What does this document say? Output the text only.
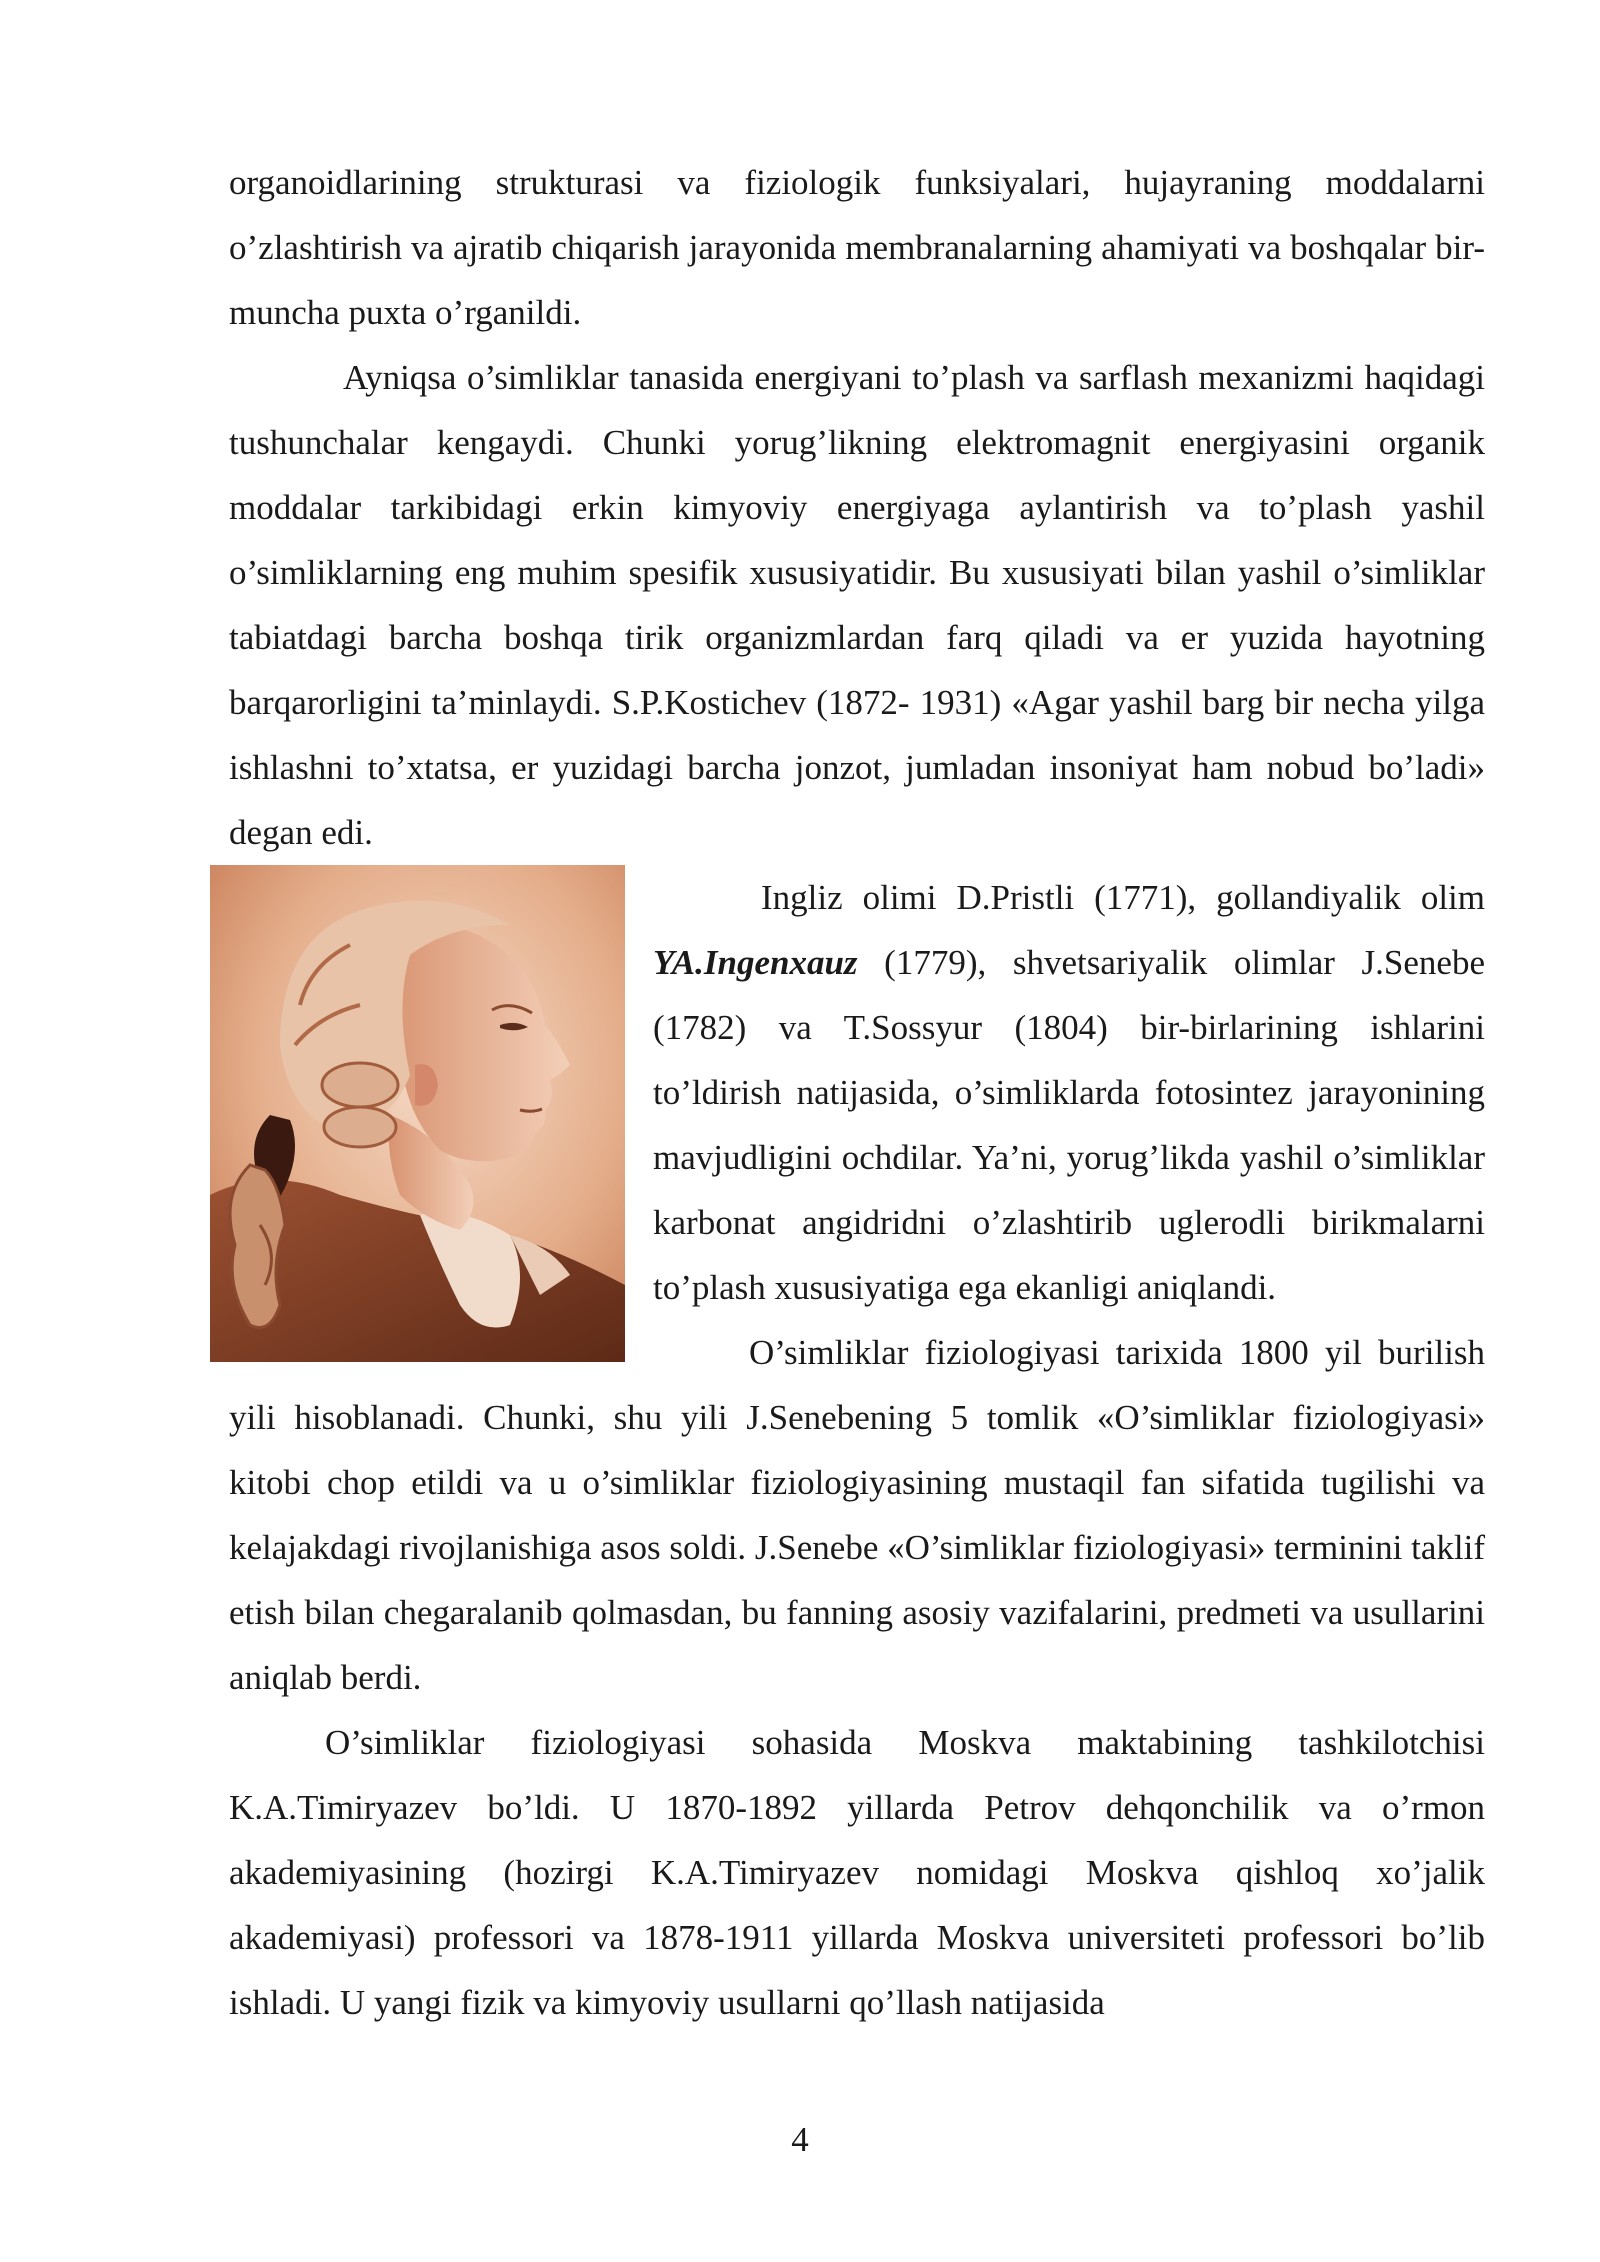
organoidlarining strukturasi va fiziologik funksiyalari, hujayraning moddalarni o’zlashtirish va ajratib chiqarish jarayonida membranalarning ahamiyati va boshqalar bir- muncha puxta o’rganildi.

Ayniqsa o’simliklar tanasida energiyani to’plash va sarflash mexanizmi haqidagi tushunchalar kengaydi. Chunki yorug’likning elektromagnit energiyasini organik moddalar tarkibidagi erkin kimyoviy energiyaga aylantirish va to’plash yashil o’simliklarning eng muhim spesifik xususiyatidir. Bu xususiyati bilan yashil o’simliklar tabiatdagi barcha boshqa tirik organizmlardan farq qiladi va er yuzida hayotning barqarorligini ta’minlaydi. S.P.Kostichev (1872- 1931) «Agar yashil barg bir necha yilga ishlashni to’xtatsa, er yuzidagi barcha jonzot, jumladan insoniyat ham nobud bo’ladi» degan edi.

Ingliz olimi D.Pristli (1771), gollandiyalik olim YA.Ingenxauz (1779), shvetsariyalik olimlar J.Senebe (1782) va T.Sossyur (1804) bir-birlarining ishlarini to’ldirish natijasida, o’simliklarda fotosintez jarayonining mavjudligini ochdilar. Ya’ni, yorug’likda yashil o’simliklar karbonat angidridni o’zlashtirib uglerodli birikmalarni to’plash xususiyatiga ega ekanligi aniqlandi.

O’simliklar fiziologiyasi tarixida 1800 yil burilish yili hisoblanadi. Chunki, shu yili J.Senebening 5 tomlik «O’simliklar fiziologiyasi» kitobi chop etildi va u o’simliklar fiziologiyasining mustaqil fan sifatida tugilishi va kelajakdagi rivojlanishiga asos soldi. J.Senebe «O’simliklar fiziologiyasi» terminini taklif etish bilan chegaralanib qolmasdan, bu fanning asosiy vazifalarini, predmeti va usullarini aniqlab berdi.

O’simliklar fiziologiyasi sohasida Moskva maktabining tashkilotchisi K.A.Timiryazev bo’ldi. U 1870-1892 yillarda Petrov dehqonchilik va o’rmon akademiyasining (hozirgi K.A.Timiryazev nomidagi Moskva qishloq xo’jalik akademiyasi) professori va 1878-1911 yillarda Moskva universiteti professori bo’lib ishladi. U yangi fizik va kimyoviy usullarni qo’llash natijasida

4
